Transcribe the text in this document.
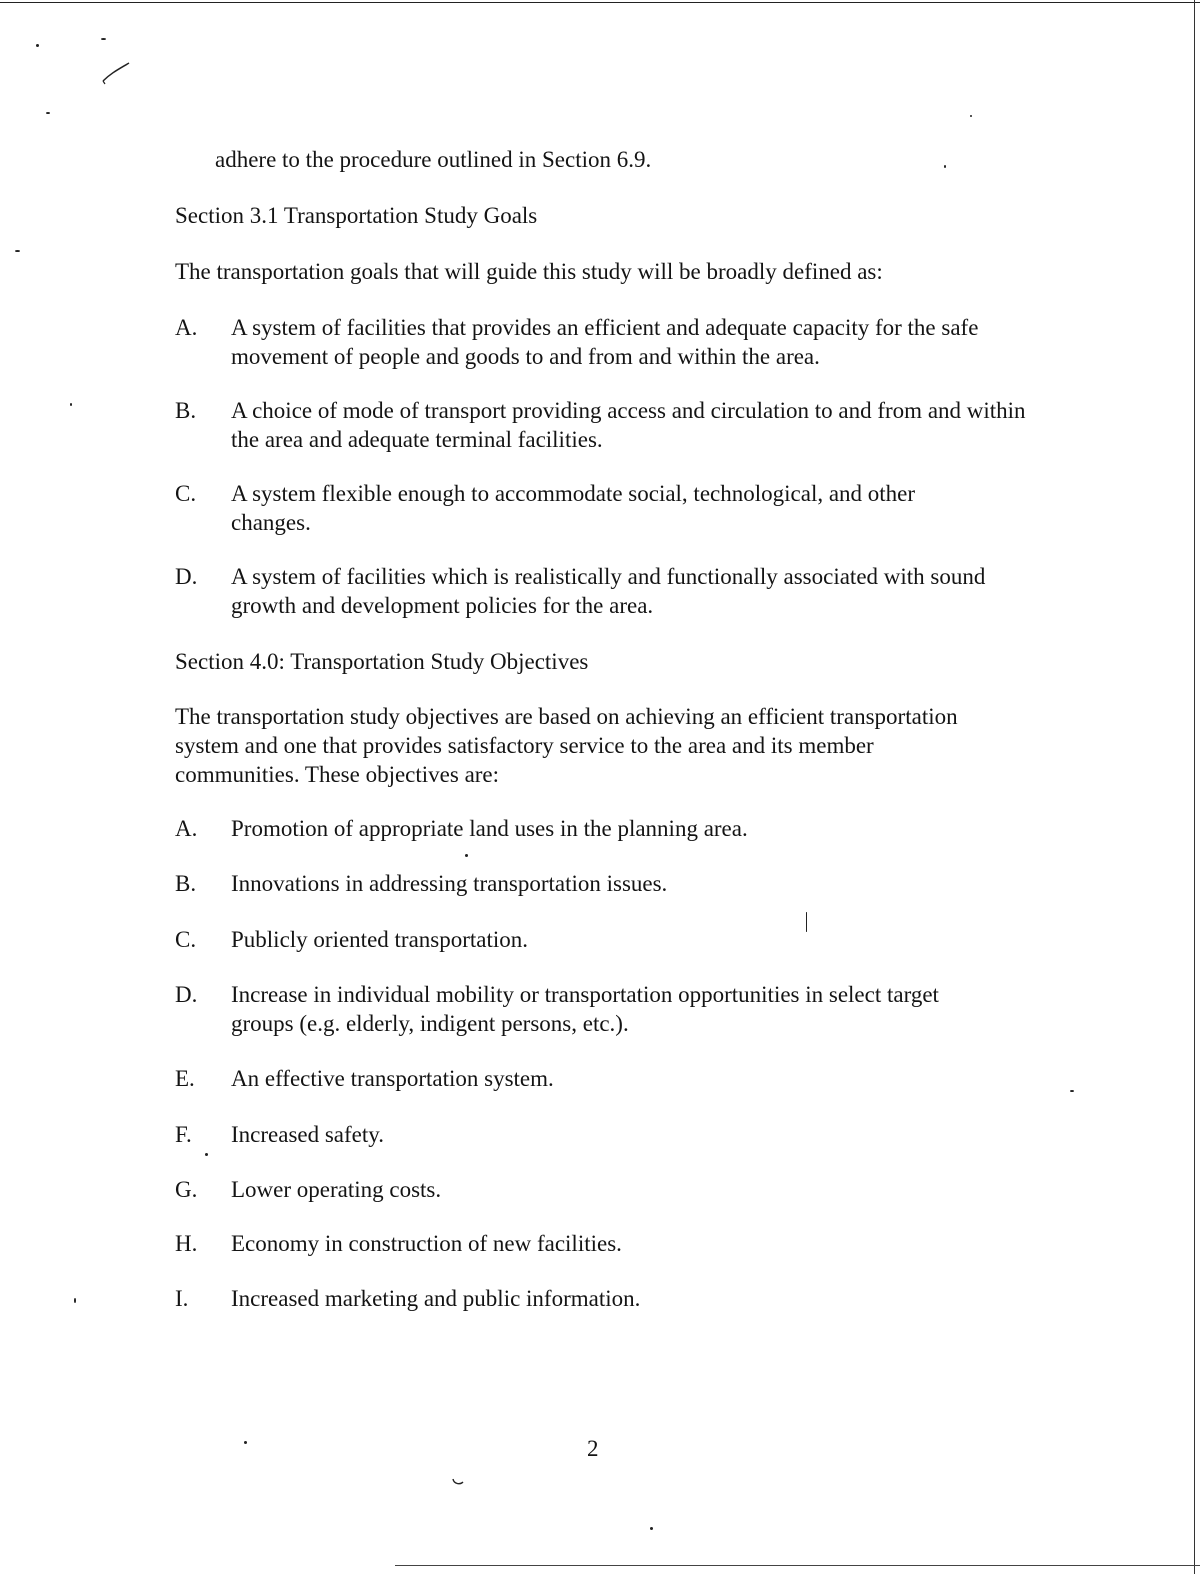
adhere to the procedure outlined in Section 6.9.

Section 3.1 Transportation Study Goals

The transportation goals that will guide this study will be broadly defined as:

A. A system of facilities that provides an efficient and adequate capacity for the safe movement of people and goods to and from and within the area.

B. A choice of mode of transport providing access and circulation to and from and within the area and adequate terminal facilities.

C. A system flexible enough to accommodate social, technological, and other changes.

D. A system of facilities which is realistically and functionally associated with sound growth and development policies for the area.

Section 4.0: Transportation Study Objectives

The transportation study objectives are based on achieving an efficient transportation system and one that provides satisfactory service to the area and its member communities. These objectives are:

A. Promotion of appropriate land uses in the planning area.

B. Innovations in addressing transportation issues.

C. Publicly oriented transportation.

D. Increase in individual mobility or transportation opportunities in select target groups (e.g. elderly, indigent persons, etc.).

E. An effective transportation system.

F. Increased safety.

G. Lower operating costs.

H. Economy in construction of new facilities.

I. Increased marketing and public information.

2
